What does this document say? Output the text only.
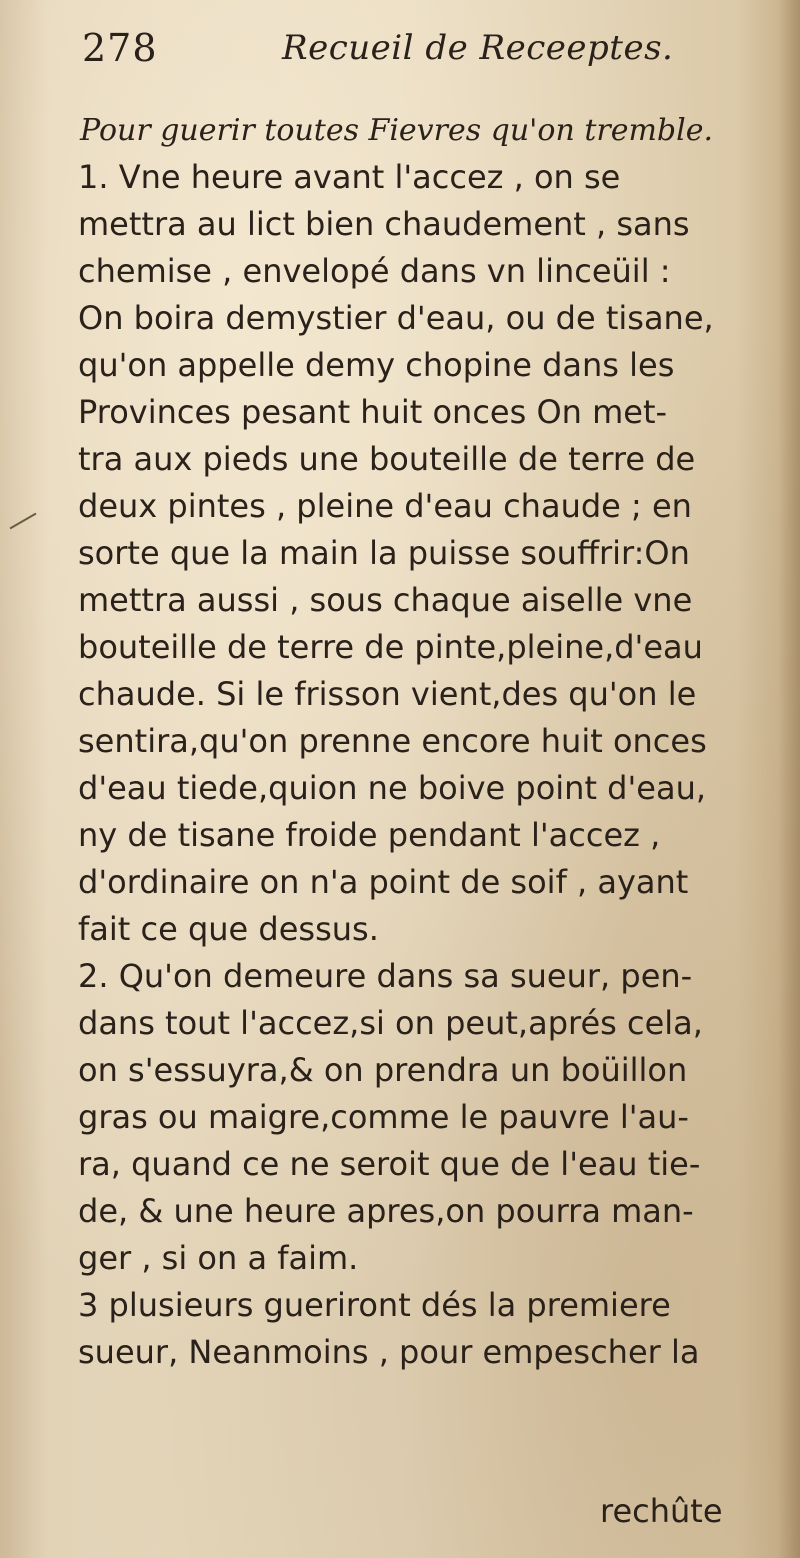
278	Recueil de Receeptes.
Pour guerir toutes Fievres qu'on tremble.
1. Vne heure avant l'accez , on se
mettra au lict bien chaudement , sans
chemise , envelopé dans vn linceüil :
On boira demystier d'eau, ou de tisane,
qu'on appelle demy chopine dans les
Provinces pesant huit onces On met-
tra aux pieds une bouteille de terre de
deux pintes , pleine d'eau chaude ; en
sorte que la main la puisse souffrir:On
mettra aussi , sous chaque aiselle vne
bouteille de terre de pinte,pleine,d'eau
chaude. Si le frisson vient,des qu'on le
sentira,qu'on prenne encore huit onces
d'eau tiede,quion ne boive point d'eau,
ny de tisane froide pendant l'accez ,
d'ordinaire on n'a point de soif , ayant
fait ce que dessus.
2. Qu'on demeure dans sa sueur, pen-
dans tout l'accez,si on peut,aprés cela,
on s'essuyra,& on prendra un boüillon
gras ou maigre,comme le pauvre l'au-
ra, quand ce ne seroit que de l'eau tie-
de, & une heure apres,on pourra man-
ger , si on a faim.
3 plusieurs gueriront dés la premiere
sueur, Neanmoins , pour empescher la
rechûte
